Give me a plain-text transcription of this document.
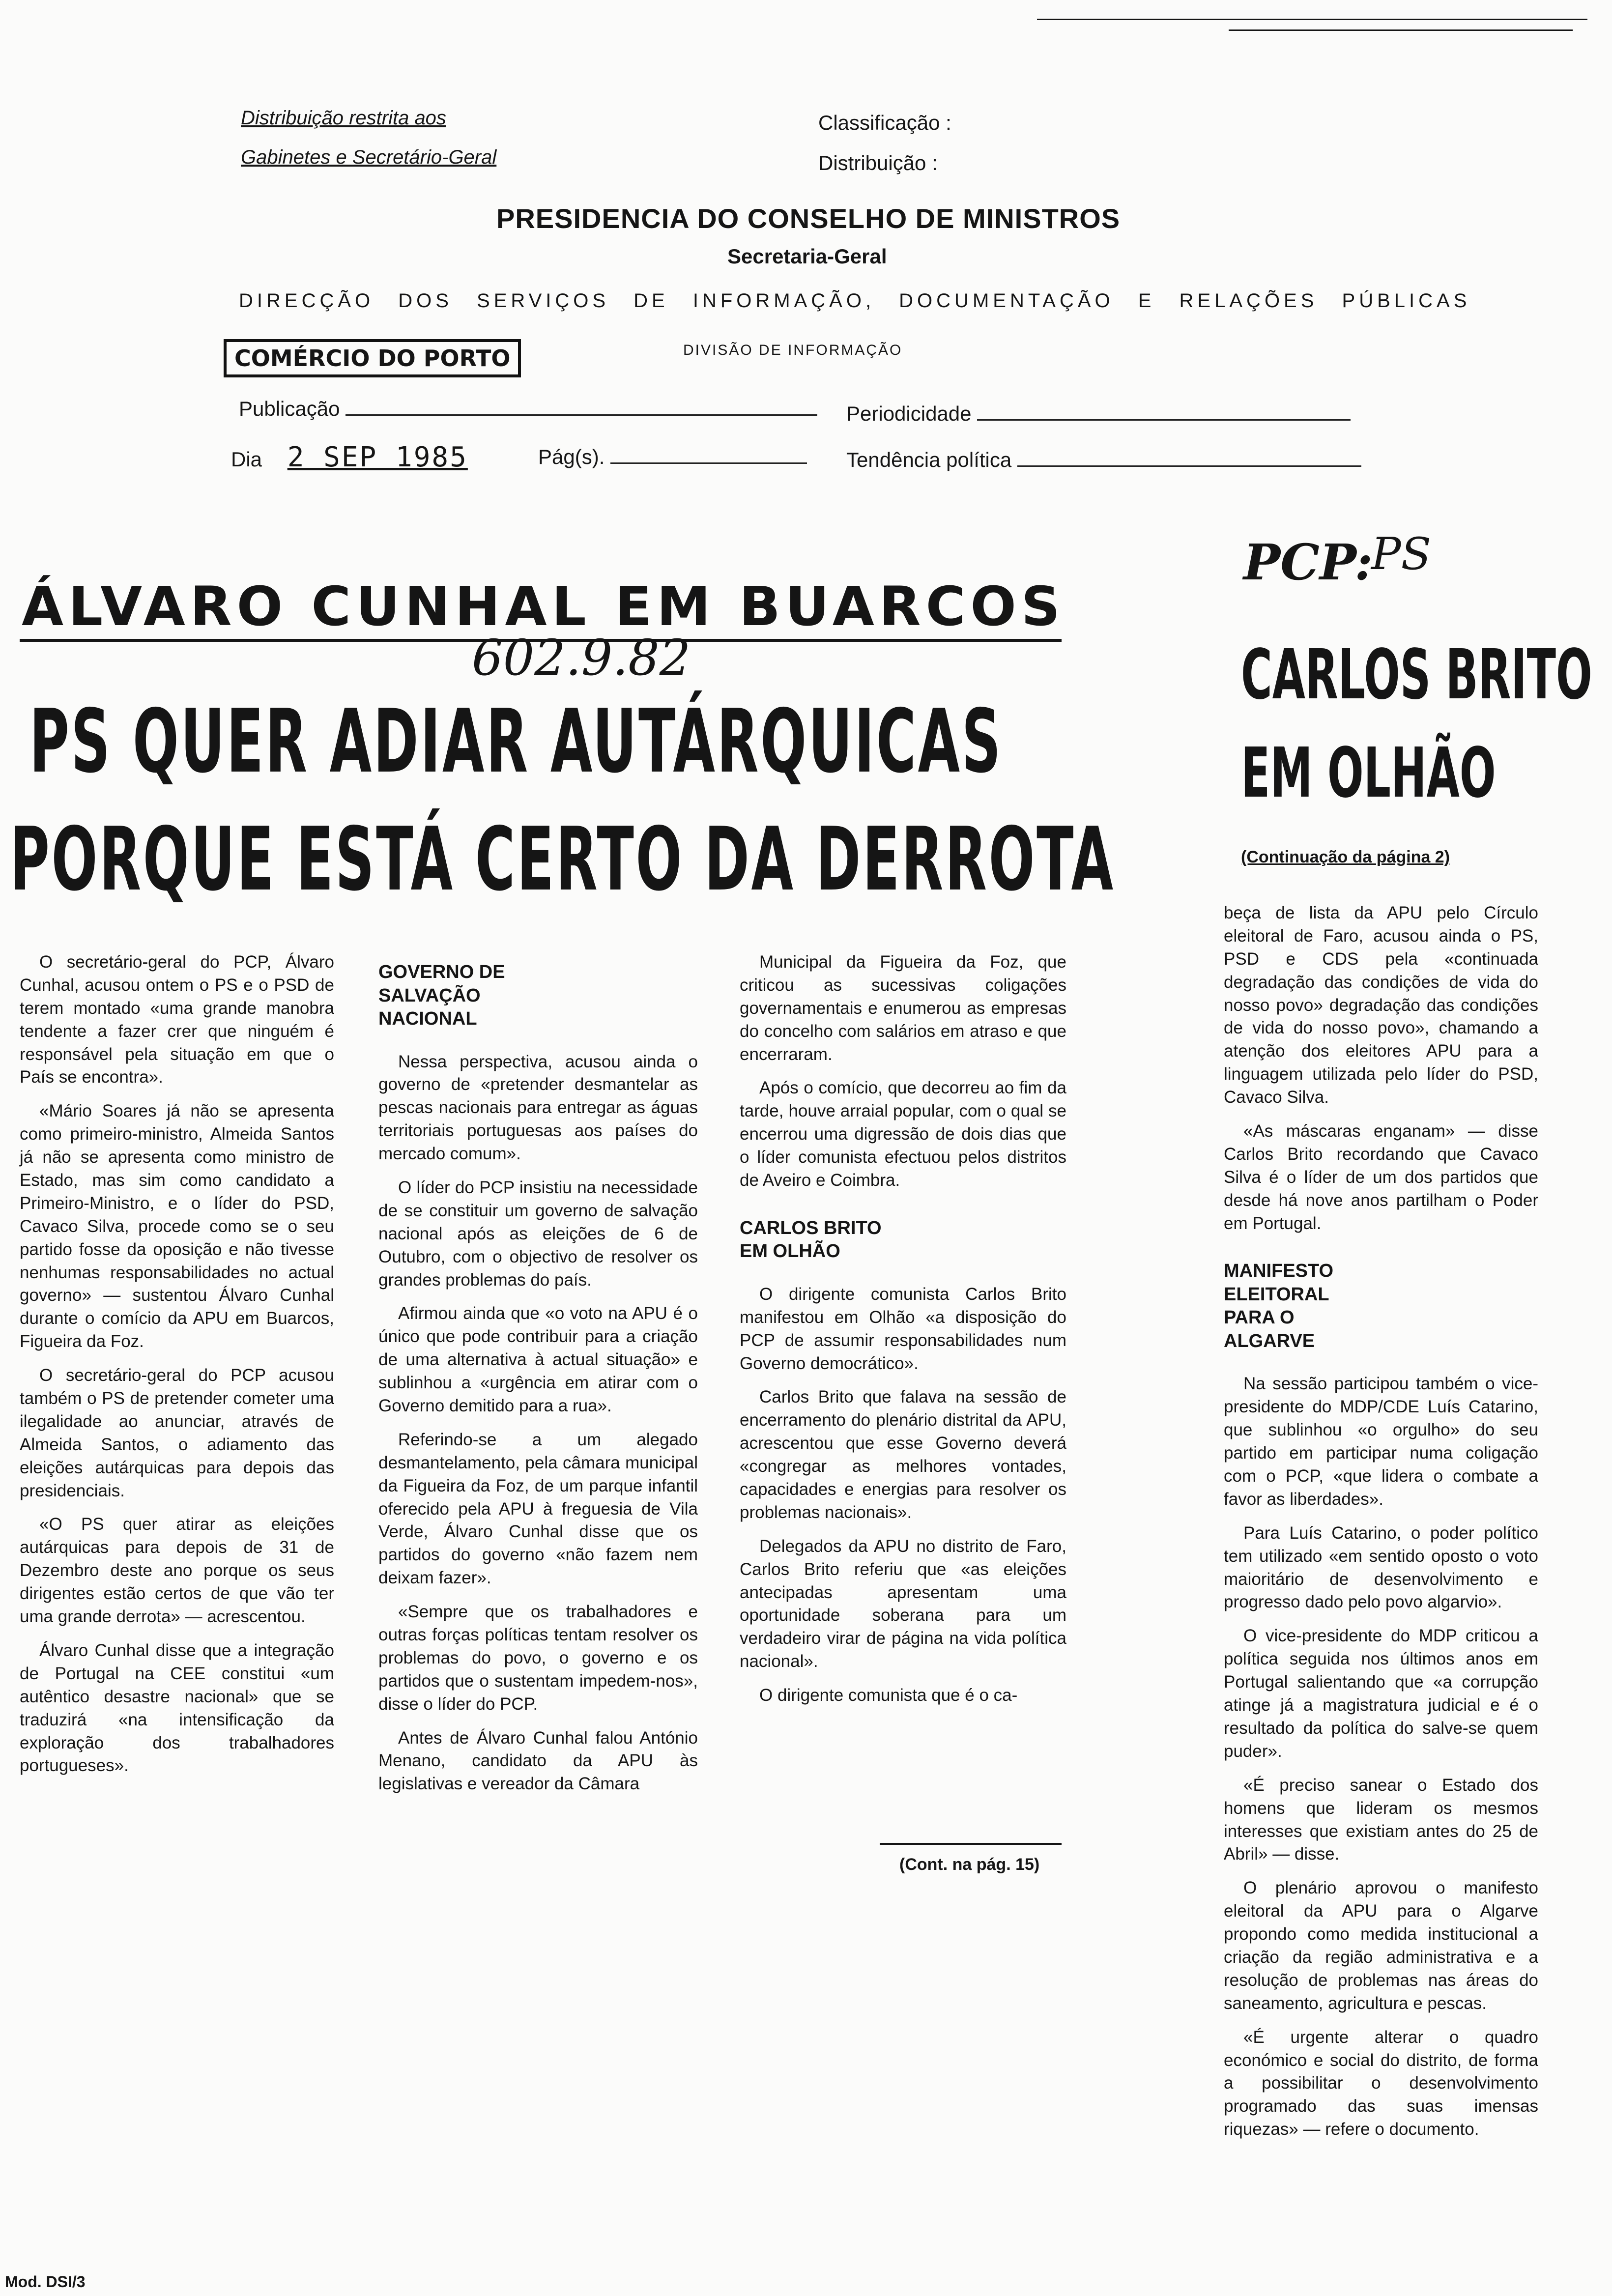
Distribuição restrita aos
Gabinetes e Secretário-Geral
Classificação :
Distribuição :
PRESIDENCIA DO CONSELHO DE MINISTROS
Secretaria-Geral
DIRECÇÃO DOS SERVIÇOS DE INFORMAÇÃO, DOCUMENTAÇÃO E RELAÇÕES PÚBLICAS
COMÉRCIO DO PORTO	DIVISÃO DE INFORMAÇÃO
Publicação	Periodicidade
Dia 2 SEP 1985	Pág(s).	Tendência política
ÁLVARO CUNHAL EM BUARCOS
602.9.82
PS QUER ADIAR AUTÁRQUICAS
PORQUE ESTÁ CERTO DA DERROTA

O secretário-geral do PCP, Álvaro Cunhal, acusou ontem o PS e o PSD de terem montado «uma grande manobra tendente a fazer crer que ninguém é responsável pela situação em que o País se encontra».

«Mário Soares já não se apresenta como primeiro-ministro, Almeida Santos já não se apresenta como ministro de Estado, mas sim como candidato a Primeiro-Ministro, e o líder do PSD, Cavaco Silva, procede como se o seu partido fosse da oposição e não tivesse nenhumas responsabilidades no actual governo» — sustentou Álvaro Cunhal durante o comício da APU em Buarcos, Figueira da Foz.

O secretário-geral do PCP acusou também o PS de pretender cometer uma ilegalidade ao anunciar, através de Almeida Santos, o adiamento das eleições autárquicas para depois das presidenciais.

«O PS quer atirar as eleições autárquicas para depois de 31 de Dezembro deste ano porque os seus dirigentes estão certos de que vão ter uma grande derrota» — acrescentou.

Álvaro Cunhal disse que a integração de Portugal na CEE constitui «um autêntico desastre nacional» que se traduzirá «na intensificação da exploração dos trabalhadores portugueses».

GOVERNO DE SALVAÇÃO NACIONAL

Nessa perspectiva, acusou ainda o governo de «pretender desmantelar as pescas nacionais para entregar as águas territoriais portuguesas aos países do mercado comum».

O líder do PCP insistiu na necessidade de se constituir um governo de salvação nacional após as eleições de 6 de Outubro, com o objectivo de resolver os grandes problemas do país.

Afirmou ainda que «o voto na APU é o único que pode contribuir para a criação de uma alternativa à actual situação» e sublinhou a «urgência em atirar com o Governo demitido para a rua».

Referindo-se a um alegado desmantelamento, pela câmara municipal da Figueira da Foz, de um parque infantil oferecido pela APU à freguesia de Vila Verde, Álvaro Cunhal disse que os partidos do governo «não fazem nem deixam fazer».

«Sempre que os trabalhadores e outras forças políticas tentam resolver os problemas do povo, o governo e os partidos que o sustentam impedem-nos», disse o líder do PCP.

Antes de Álvaro Cunhal falou António Menano, candidato da APU às legislativas e vereador da Câmara

Municipal da Figueira da Foz, que criticou as sucessivas coligações governamentais e enumerou as empresas do concelho com salários em atraso e que encerraram.

Após o comício, que decorreu ao fim da tarde, houve arraial popular, com o qual se encerrou uma digressão de dois dias que o líder comunista efectuou pelos distritos de Aveiro e Coimbra.

CARLOS BRITO EM OLHÃO

O dirigente comunista Carlos Brito manifestou em Olhão «a disposição do PCP de assumir responsabilidades num Governo democrático».

Carlos Brito que falava na sessão de encerramento do plenário distrital da APU, acrescentou que esse Governo deverá «congregar as melhores vontades, capacidades e energias para resolver os problemas nacionais».

Delegados da APU no distrito de Faro, Carlos Brito referiu que «as eleições antecipadas apresentam uma oportunidade soberana para um verdadeiro virar de página na vida política nacional».

O dirigente comunista que é o ca-

(Cont. na pág. 15)
PCP:
PS
CARLOS BRITO
EM OLHÃO
(Continuação da página 2)

beça de lista da APU pelo Círculo eleitoral de Faro, acusou ainda o PS, PSD e CDS pela «continuada degradação das condições de vida do nosso povo» degradação das condições de vida do nosso povo», chamando a atenção dos eleitores APU para a linguagem utilizada pelo líder do PSD, Cavaco Silva.

«As máscaras enganam» — disse Carlos Brito recordando que Cavaco Silva é o líder de um dos partidos que desde há nove anos partilham o Poder em Portugal.

MANIFESTO ELEITORAL PARA O ALGARVE

Na sessão participou também o vice-presidente do MDP/CDE Luís Catarino, que sublinhou «o orgulho» do seu partido em participar numa coligação com o PCP, «que lidera o combate a favor as liberdades».

Para Luís Catarino, o poder político tem utilizado «em sentido oposto o voto maioritário de desenvolvimento e progresso dado pelo povo algarvio».

O vice-presidente do MDP criticou a política seguida nos últimos anos em Portugal salientando que «a corrupção atinge já a magistratura judicial e é o resultado da política do salve-se quem puder».

«É preciso sanear o Estado dos homens que lideram os mesmos interesses que existiam antes do 25 de Abril» — disse.

O plenário aprovou o manifesto eleitoral da APU para o Algarve propondo como medida institucional a criação da região administrativa e a resolução de problemas nas áreas do saneamento, agricultura e pescas.

«É urgente alterar o quadro económico e social do distrito, de forma a possibilitar o desenvolvimento programado das suas imensas riquezas» — refere o documento.

Mod. DSI/3
